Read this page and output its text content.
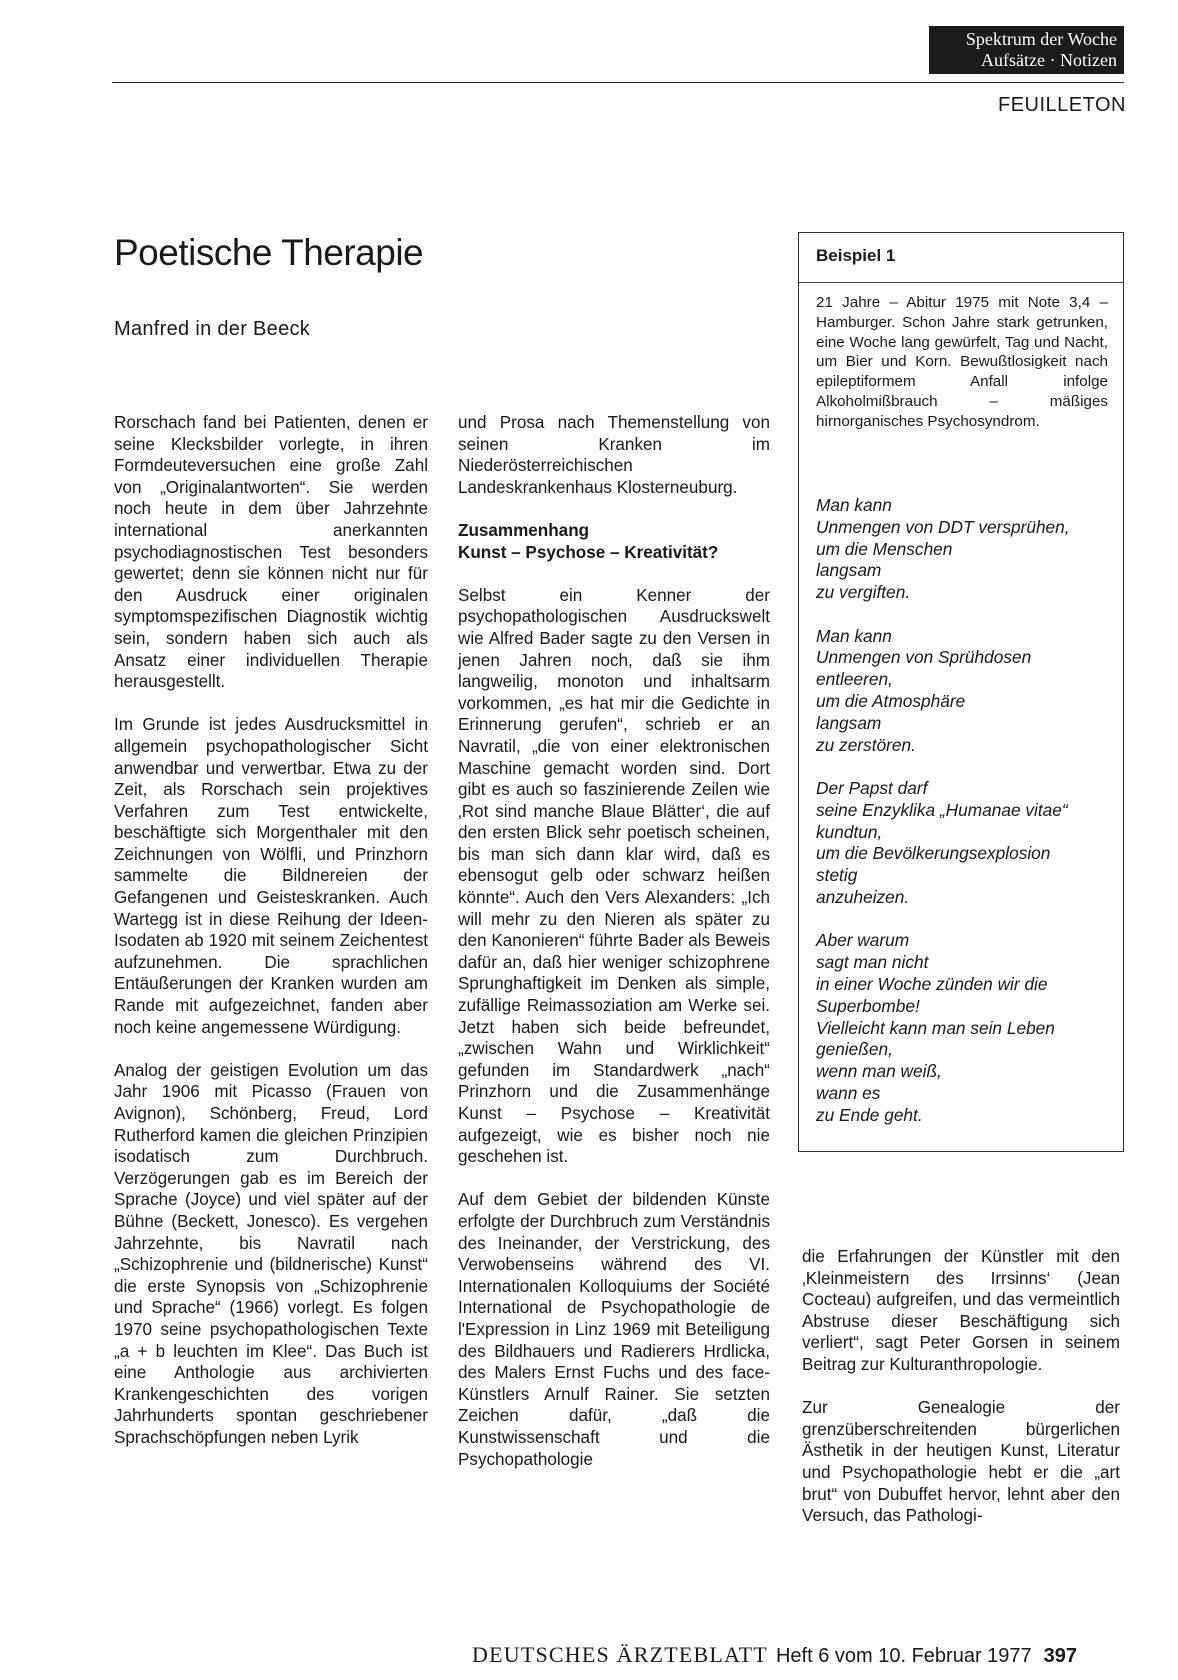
Spektrum der Woche
Aufsätze · Notizen
FEUILLETON
Poetische Therapie
Manfred in der Beeck

Rorschach fand bei Patienten, denen er seine Klecksbilder vorlegte, in ihren Formdeuteversuchen eine große Zahl von „Originalantworten“. Sie werden noch heute in dem über Jahrzehnte international anerkannten psychodiagnostischen Test besonders gewertet; denn sie können nicht nur für den Ausdruck einer originalen symptomspezifischen Diagnostik wichtig sein, sondern haben sich auch als Ansatz einer individuellen Therapie herausgestellt.

Im Grunde ist jedes Ausdrucksmittel in allgemein psychopathologischer Sicht anwendbar und verwertbar. Etwa zu der Zeit, als Rorschach sein projektives Verfahren zum Test entwickelte, beschäftigte sich Morgenthaler mit den Zeichnungen von Wölfli, und Prinzhorn sammelte die Bildnereien der Gefangenen und Geisteskranken. Auch Wartegg ist in diese Reihung der Ideen-Isodaten ab 1920 mit seinem Zeichentest aufzunehmen. Die sprachlichen Entäußerungen der Kranken wurden am Rande mit aufgezeichnet, fanden aber noch keine angemessene Würdigung.

Analog der geistigen Evolution um das Jahr 1906 mit Picasso (Frauen von Avignon), Schönberg, Freud, Lord Rutherford kamen die gleichen Prinzipien isodatisch zum Durchbruch. Verzögerungen gab es im Bereich der Sprache (Joyce) und viel später auf der Bühne (Beckett, Jonesco). Es vergehen Jahrzehnte, bis Navratil nach „Schizophrenie und (bildnerische) Kunst“ die erste Synopsis von „Schizophrenie und Sprache“ (1966) vorlegt. Es folgen 1970 seine psychopathologischen Texte „a + b leuchten im Klee“. Das Buch ist eine Anthologie aus archivierten Krankengeschichten des vorigen Jahrhunderts spontan geschriebener Sprachschöpfungen neben Lyrik

und Prosa nach Themenstellung von seinen Kranken im Niederösterreichischen Landeskrankenhaus Klosterneuburg.

Zusammenhang
Kunst – Psychose – Kreativität?

Selbst ein Kenner der psychopathologischen Ausdruckswelt wie Alfred Bader sagte zu den Versen in jenen Jahren noch, daß sie ihm langweilig, monoton und inhaltsarm vorkommen, „es hat mir die Gedichte in Erinnerung gerufen“, schrieb er an Navratil, „die von einer elektronischen Maschine gemacht worden sind. Dort gibt es auch so faszinierende Zeilen wie ‚Rot sind manche Blaue Blätter‘, die auf den ersten Blick sehr poetisch scheinen, bis man sich dann klar wird, daß es ebensogut gelb oder schwarz heißen könnte“. Auch den Vers Alexanders: „Ich will mehr zu den Nieren als später zu den Kanonieren“ führte Bader als Beweis dafür an, daß hier weniger schizophrene Sprunghaftigkeit im Denken als simple, zufällige Reimassoziation am Werke sei. Jetzt haben sich beide befreundet, „zwischen Wahn und Wirklichkeit“ gefunden im Standardwerk „nach“ Prinzhorn und die Zusammenhänge Kunst – Psychose – Kreativität aufgezeigt, wie es bisher noch nie geschehen ist.

Auf dem Gebiet der bildenden Künste erfolgte der Durchbruch zum Verständnis des Ineinander, der Verstrickung, des Verwobenseins während des VI. Internationalen Kolloquiums der Société International de Psychopathologie de l'Expression in Linz 1969 mit Beteiligung des Bildhauers und Radierers Hrdlicka, des Malers Ernst Fuchs und des face-Künstlers Arnulf Rainer. Sie setzten Zeichen dafür, „daß die Kunstwissenschaft und die Psychopathologie

Beispiel 1

21 Jahre – Abitur 1975 mit Note 3,4 – Hamburger. Schon Jahre stark getrunken, eine Woche lang gewürfelt, Tag und Nacht, um Bier und Korn. Bewußtlosigkeit nach epileptiformem Anfall infolge Alkoholmißbrauch – mäßiges hirnorganisches Psychosyndrom.

Man kann
Unmengen von DDT versprühen,
um die Menschen
langsam
zu vergiften.
Man kann
Unmengen von Sprühdosen
entleeren,
um die Atmosphäre
langsam
zu zerstören.
Der Papst darf
seine Enzyklika „Humanae vitae“
kundtun,
um die Bevölkerungsexplosion
stetig
anzuheizen.
Aber warum
sagt man nicht
in einer Woche zünden wir die
Superbombe!
Vielleicht kann man sein Leben
genießen,
wenn man weiß,
wann es
zu Ende geht.

die Erfahrungen der Künstler mit den ‚Kleinmeistern des Irrsinns‘ (Jean Cocteau) aufgreifen, und das vermeintlich Abstruse dieser Beschäftigung sich verliert“, sagt Peter Gorsen in seinem Beitrag zur Kulturanthropologie.

Zur Genealogie der grenzüberschreitenden bürgerlichen Ästhetik in der heutigen Kunst, Literatur und Psychopathologie hebt er die „art brut“ von Dubuffet hervor, lehnt aber den Versuch, das Pathologi-

DEUTSCHES ÄRZTEBLATT Heft 6 vom 10. Februar 1977 397
